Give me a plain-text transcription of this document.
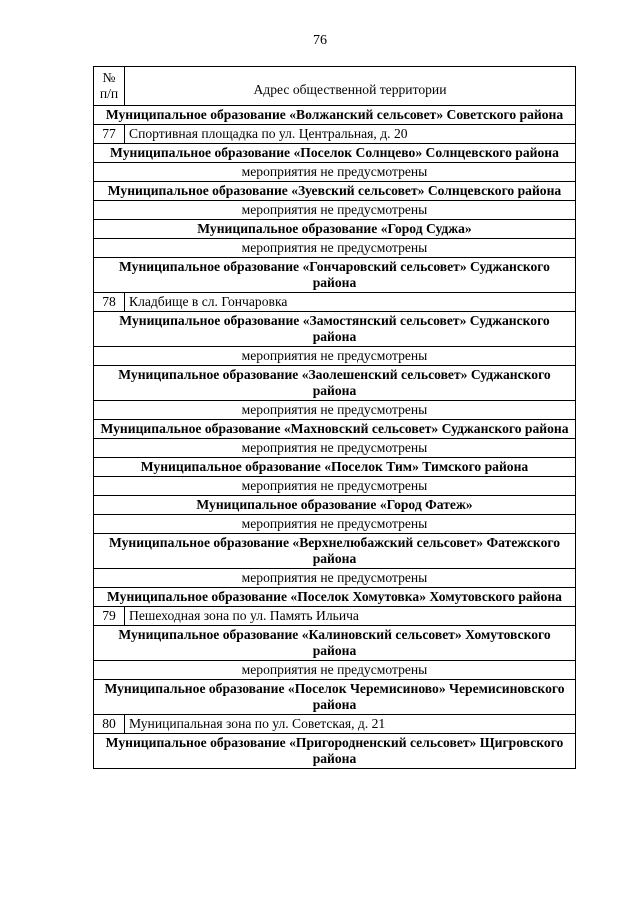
76
№
п/п	Адрес общественной территории
Муниципальное образование «Волжанский сельсовет» Советского района	
77	Спортивная площадка по ул. Центральная, д. 20
Муниципальное образование «Поселок Солнцево» Солнцевского района	
мероприятия не предусмотрены	
Муниципальное образование «Зуевский сельсовет» Солнцевского района	
мероприятия не предусмотрены	
Муниципальное образование «Город Суджа»	
мероприятия не предусмотрены	
Муниципальное образование «Гончаровский сельсовет» Суджанского района	
78	Кладбище в сл. Гончаровка
Муниципальное образование «Замостянский сельсовет» Суджанского района	
мероприятия не предусмотрены	
Муниципальное образование «Заолешенский сельсовет» Суджанского района	
мероприятия не предусмотрены	
Муниципальное образование «Махновский сельсовет» Суджанского района	
мероприятия не предусмотрены	
Муниципальное образование «Поселок Тим» Тимского района	
мероприятия не предусмотрены	
Муниципальное образование «Город Фатеж»	
мероприятия не предусмотрены	
Муниципальное образование «Верхнелюбажский сельсовет» Фатежского района	
мероприятия не предусмотрены	
Муниципальное образование «Поселок Хомутовка» Хомутовского района	
79	Пешеходная зона по ул. Память Ильича
Муниципальное образование «Калиновский сельсовет» Хомутовского района	
мероприятия не предусмотрены	
Муниципальное образование «Поселок Черемисиново» Черемисиновского района	
80	Муниципальная зона по ул. Советская, д. 21
Муниципальное образование «Пригородненский сельсовет» Щигровского района	
